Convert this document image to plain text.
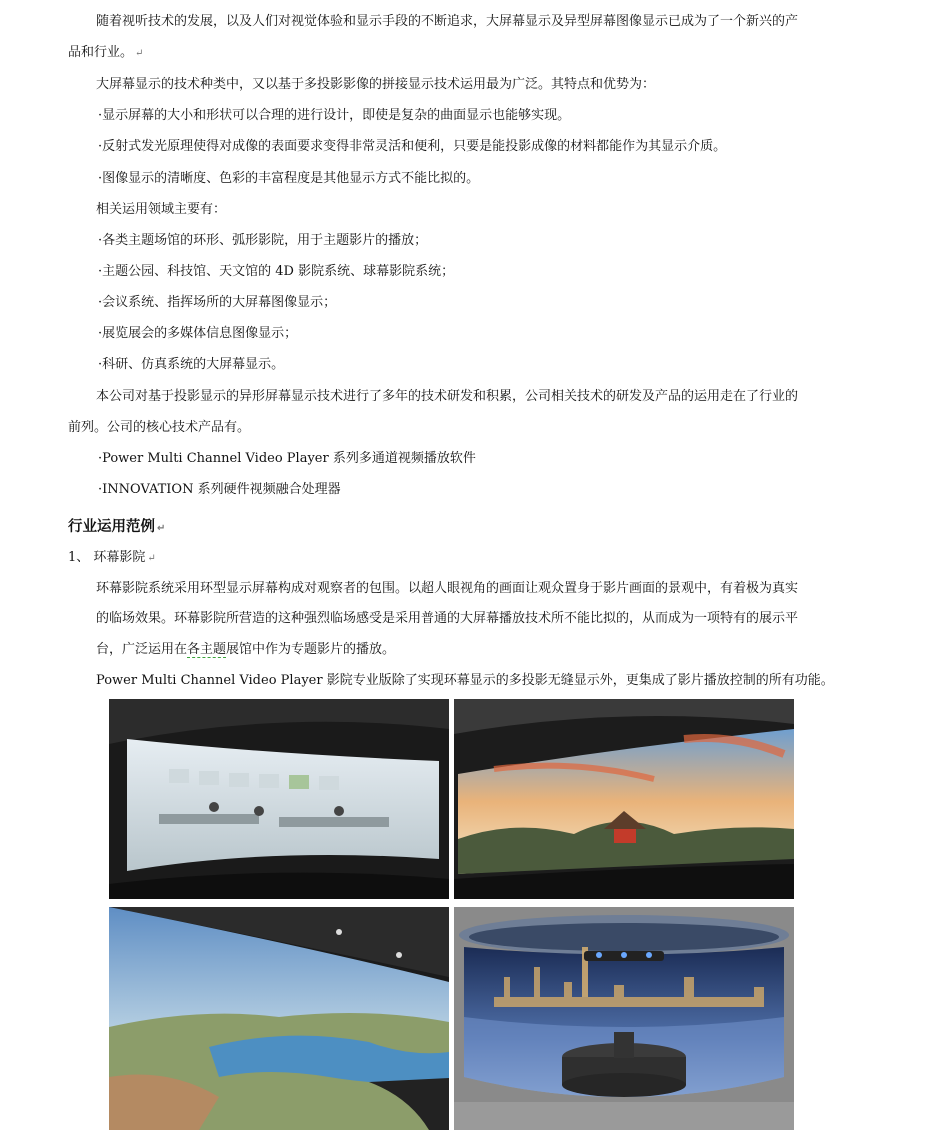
随着视听技术的发展，以及人们对视觉体验和显示手段的不断追求，大屏幕显示及异型屏幕图像显示已成为了一个新兴的产
品和行业。 ↵
大屏幕显示的技术种类中，又以基于多投影影像的拼接显示技术运用最为广泛。其特点和优势为：
·显示屏幕的大小和形状可以合理的进行设计，即使是复杂的曲面显示也能够实现。
·反射式发光原理使得对成像的表面要求变得非常灵活和便利，只要是能投影成像的材料都能作为其显示介质。
·图像显示的清晰度、色彩的丰富程度是其他显示方式不能比拟的。
相关运用领域主要有：
·各类主题场馆的环形、弧形影院，用于主题影片的播放；
·主题公园、科技馆、天文馆的 4D 影院系统、球幕影院系统；
·会议系统、指挥场所的大屏幕图像显示；
·展览展会的多媒体信息图像显示；
·科研、仿真系统的大屏幕显示。
本公司对基于投影显示的异形屏幕显示技术进行了多年的技术研发和积累，公司相关技术的研发及产品的运用走在了行业的
前列。公司的核心技术产品有。
·Power Multi Channel Video Player 系列多通道视频播放软件
·INNOVATION 系列硬件视频融合处理器
行业运用范例 ↵
1、 环幕影院 ↵
环幕影院系统采用环型显示屏幕构成对观察者的包围。以超人眼视角的画面让观众置身于影片画面的景观中，有着极为真实
的临场效果。环幕影院所营造的这种强烈临场感受是采用普通的大屏幕播放技术所不能比拟的，从而成为一项特有的展示平
台，广泛运用在各主题展馆中作为专题影片的播放。
Power Multi Channel Video Player 影院专业版除了实现环幕显示的多投影无缝显示外，更集成了影片播放控制的所有功能。
